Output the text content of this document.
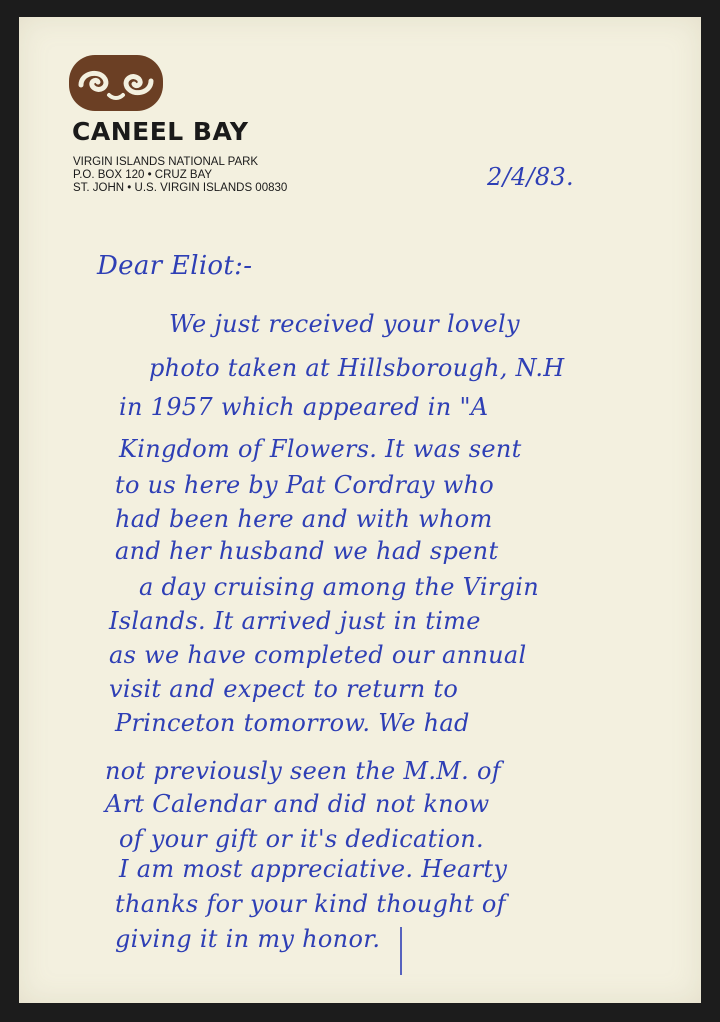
CANEEL BAY
VIRGIN ISLANDS NATIONAL PARK
P.O. BOX 120 • CRUZ BAY
ST. JOHN • U.S. VIRGIN ISLANDS 00830	2/4/83.
Dear Eliot:-
We just received your lovely
photo taken at Hillsborough, N.H
in 1957 which appeared in "A
Kingdom of Flowers. It was sent
to us here by Pat Cordray who
had been here and with whom
and her husband we had spent
a day cruising among the Virgin
Islands. It arrived just in time
as we have completed our annual
visit and expect to return to
Princeton tomorrow. We had
not previously seen the M.M. of
Art Calendar and did not know
of your gift or it's dedication.
I am most appreciative. Hearty
thanks for your kind thought of
giving it in my honor.
